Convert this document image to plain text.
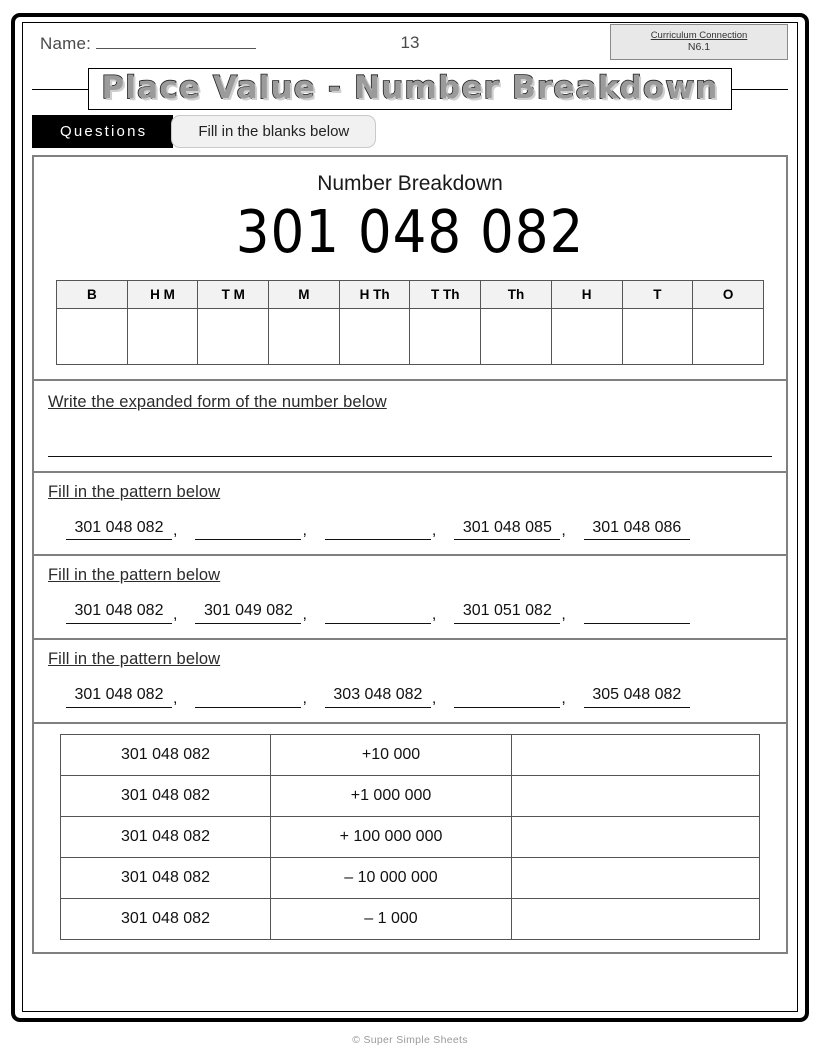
Name:	13	Curriculum Connection
N6.1
Place Value - Number Breakdown
Questions	Fill in the blanks below
Number Breakdown
301 048 082
B	H M	T M	M	H Th	T Th	Th	H	T	O

Write the expanded form of the number below
Fill in the pattern below
301 048 082 ,	,	,	301 048 085 ,	301 048 086
Fill in the pattern below
301 048 082 ,	301 049 082 ,	,	301 051 082 ,
Fill in the pattern below
301 048 082 ,	,	303 048 082 ,	,	305 048 082
301 048 082	+10 000	
301 048 082	+1 000 000	
301 048 082	+ 100 000 000	
301 048 082	– 10 000 000	
301 048 082	– 1 000	
© Super Simple Sheets
